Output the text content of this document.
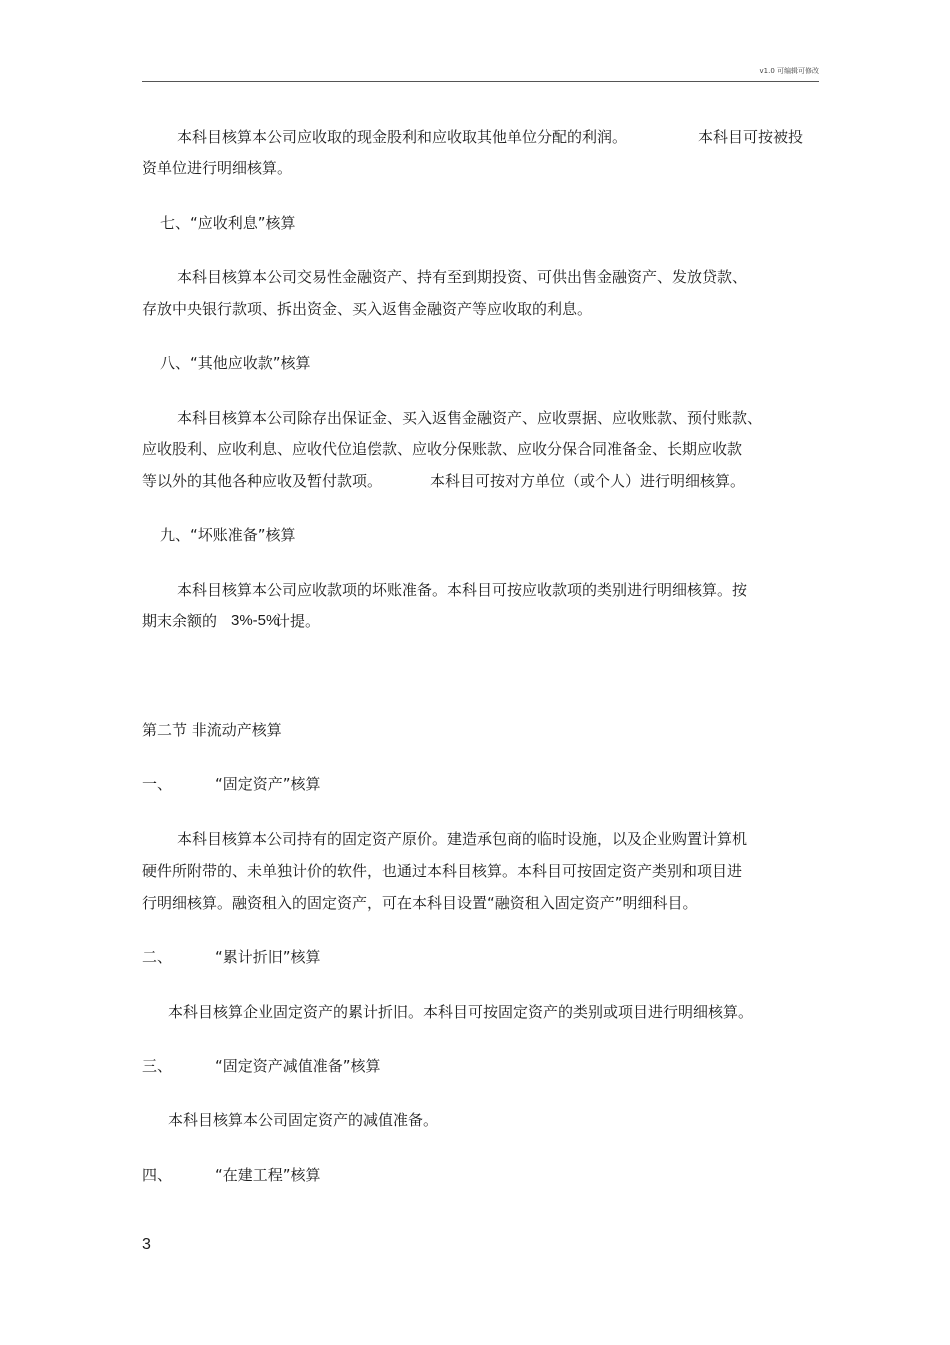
v1.0 可编辑可修改
本科目核算本公司应收取的现金股利和应收取其他单位分配的利润。	本科目可按被投
资单位进行明细核算。
七、“应收利息”核算
本科目核算本公司交易性金融资产、持有至到期投资、可供出售金融资产、发放贷款、
存放中央银行款项、拆出资金、买入返售金融资产等应收取的利息。
八、“其他应收款”核算
本科目核算本公司除存出保证金、买入返售金融资产、应收票据、应收账款、预付账款、
应收股利、应收利息、应收代位追偿款、应收分保账款、应收分保合同准备金、长期应收款
等以外的其他各种应收及暂付款项。	本科目可按对方单位（或个人）进行明细核算。
九、“坏账准备”核算
本科目核算本公司应收款项的坏账准备。本科目可按应收款项的类别进行明细核算。按
期末余额的 3%-5%
计提。
第二节 非流动产核算
一、	“固定资产”核算
本科目核算本公司持有的固定资产原价。建造承包商的临时设施，以及企业购置计算机
硬件所附带的、未单独计价的软件，也通过本科目核算。本科目可按固定资产类别和项目进
行明细核算。融资租入的固定资产，可在本科目设置“融资租入固定资产”明细科目。
二、	“累计折旧”核算
本科目核算企业固定资产的累计折旧。本科目可按固定资产的类别或项目进行明细核算。
三、	“固定资产减值准备”核算
本科目核算本公司固定资产的减值准备。
四、	“在建工程”核算
3
